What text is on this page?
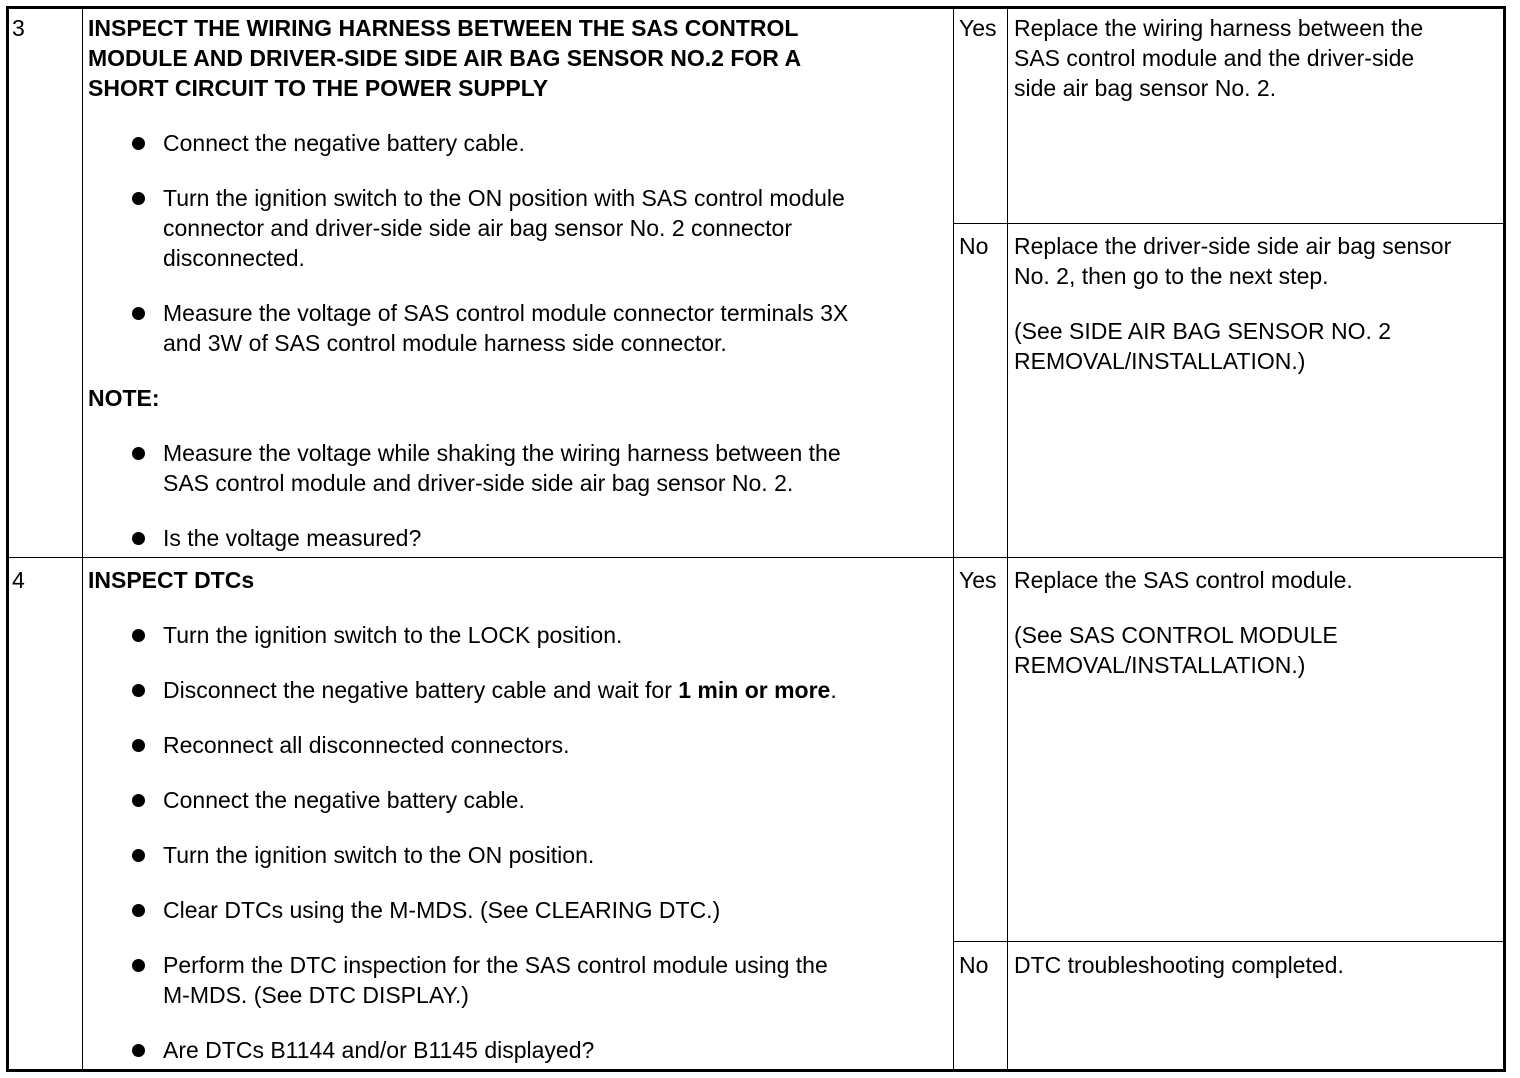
3	INSPECT THE WIRING HARNESS BETWEEN THE SAS CONTROL
MODULE AND DRIVER-SIDE SIDE AIR BAG SENSOR NO.2 FOR A
SHORT CIRCUIT TO THE POWER SUPPLY
Connect the negative battery cable.
Turn the ignition switch to the ON position with SAS control module
connector and driver-side side air bag sensor No. 2 connector
disconnected.
Measure the voltage of SAS control module connector terminals 3X
and 3W of SAS control module harness side connector.
NOTE:
Measure the voltage while shaking the wiring harness between the
SAS control module and driver-side side air bag sensor No. 2.
Is the voltage measured?
Yes Replace the wiring harness between the
SAS control module and the driver-side
side air bag sensor No. 2.
No Replace the driver-side side air bag sensor
No. 2, then go to the next step.
(See SIDE AIR BAG SENSOR NO. 2
REMOVAL/INSTALLATION.)
4	INSPECT DTCs
Turn the ignition switch to the LOCK position.
Disconnect the negative battery cable and wait for 1 min or more.
Reconnect all disconnected connectors.
Connect the negative battery cable.
Turn the ignition switch to the ON position.
Clear DTCs using the M-MDS. (See CLEARING DTC.)
Perform the DTC inspection for the SAS control module using the
M-MDS. (See DTC DISPLAY.)
Are DTCs B1144 and/or B1145 displayed?
Yes Replace the SAS control module.
(See SAS CONTROL MODULE
REMOVAL/INSTALLATION.)
No DTC troubleshooting completed.
